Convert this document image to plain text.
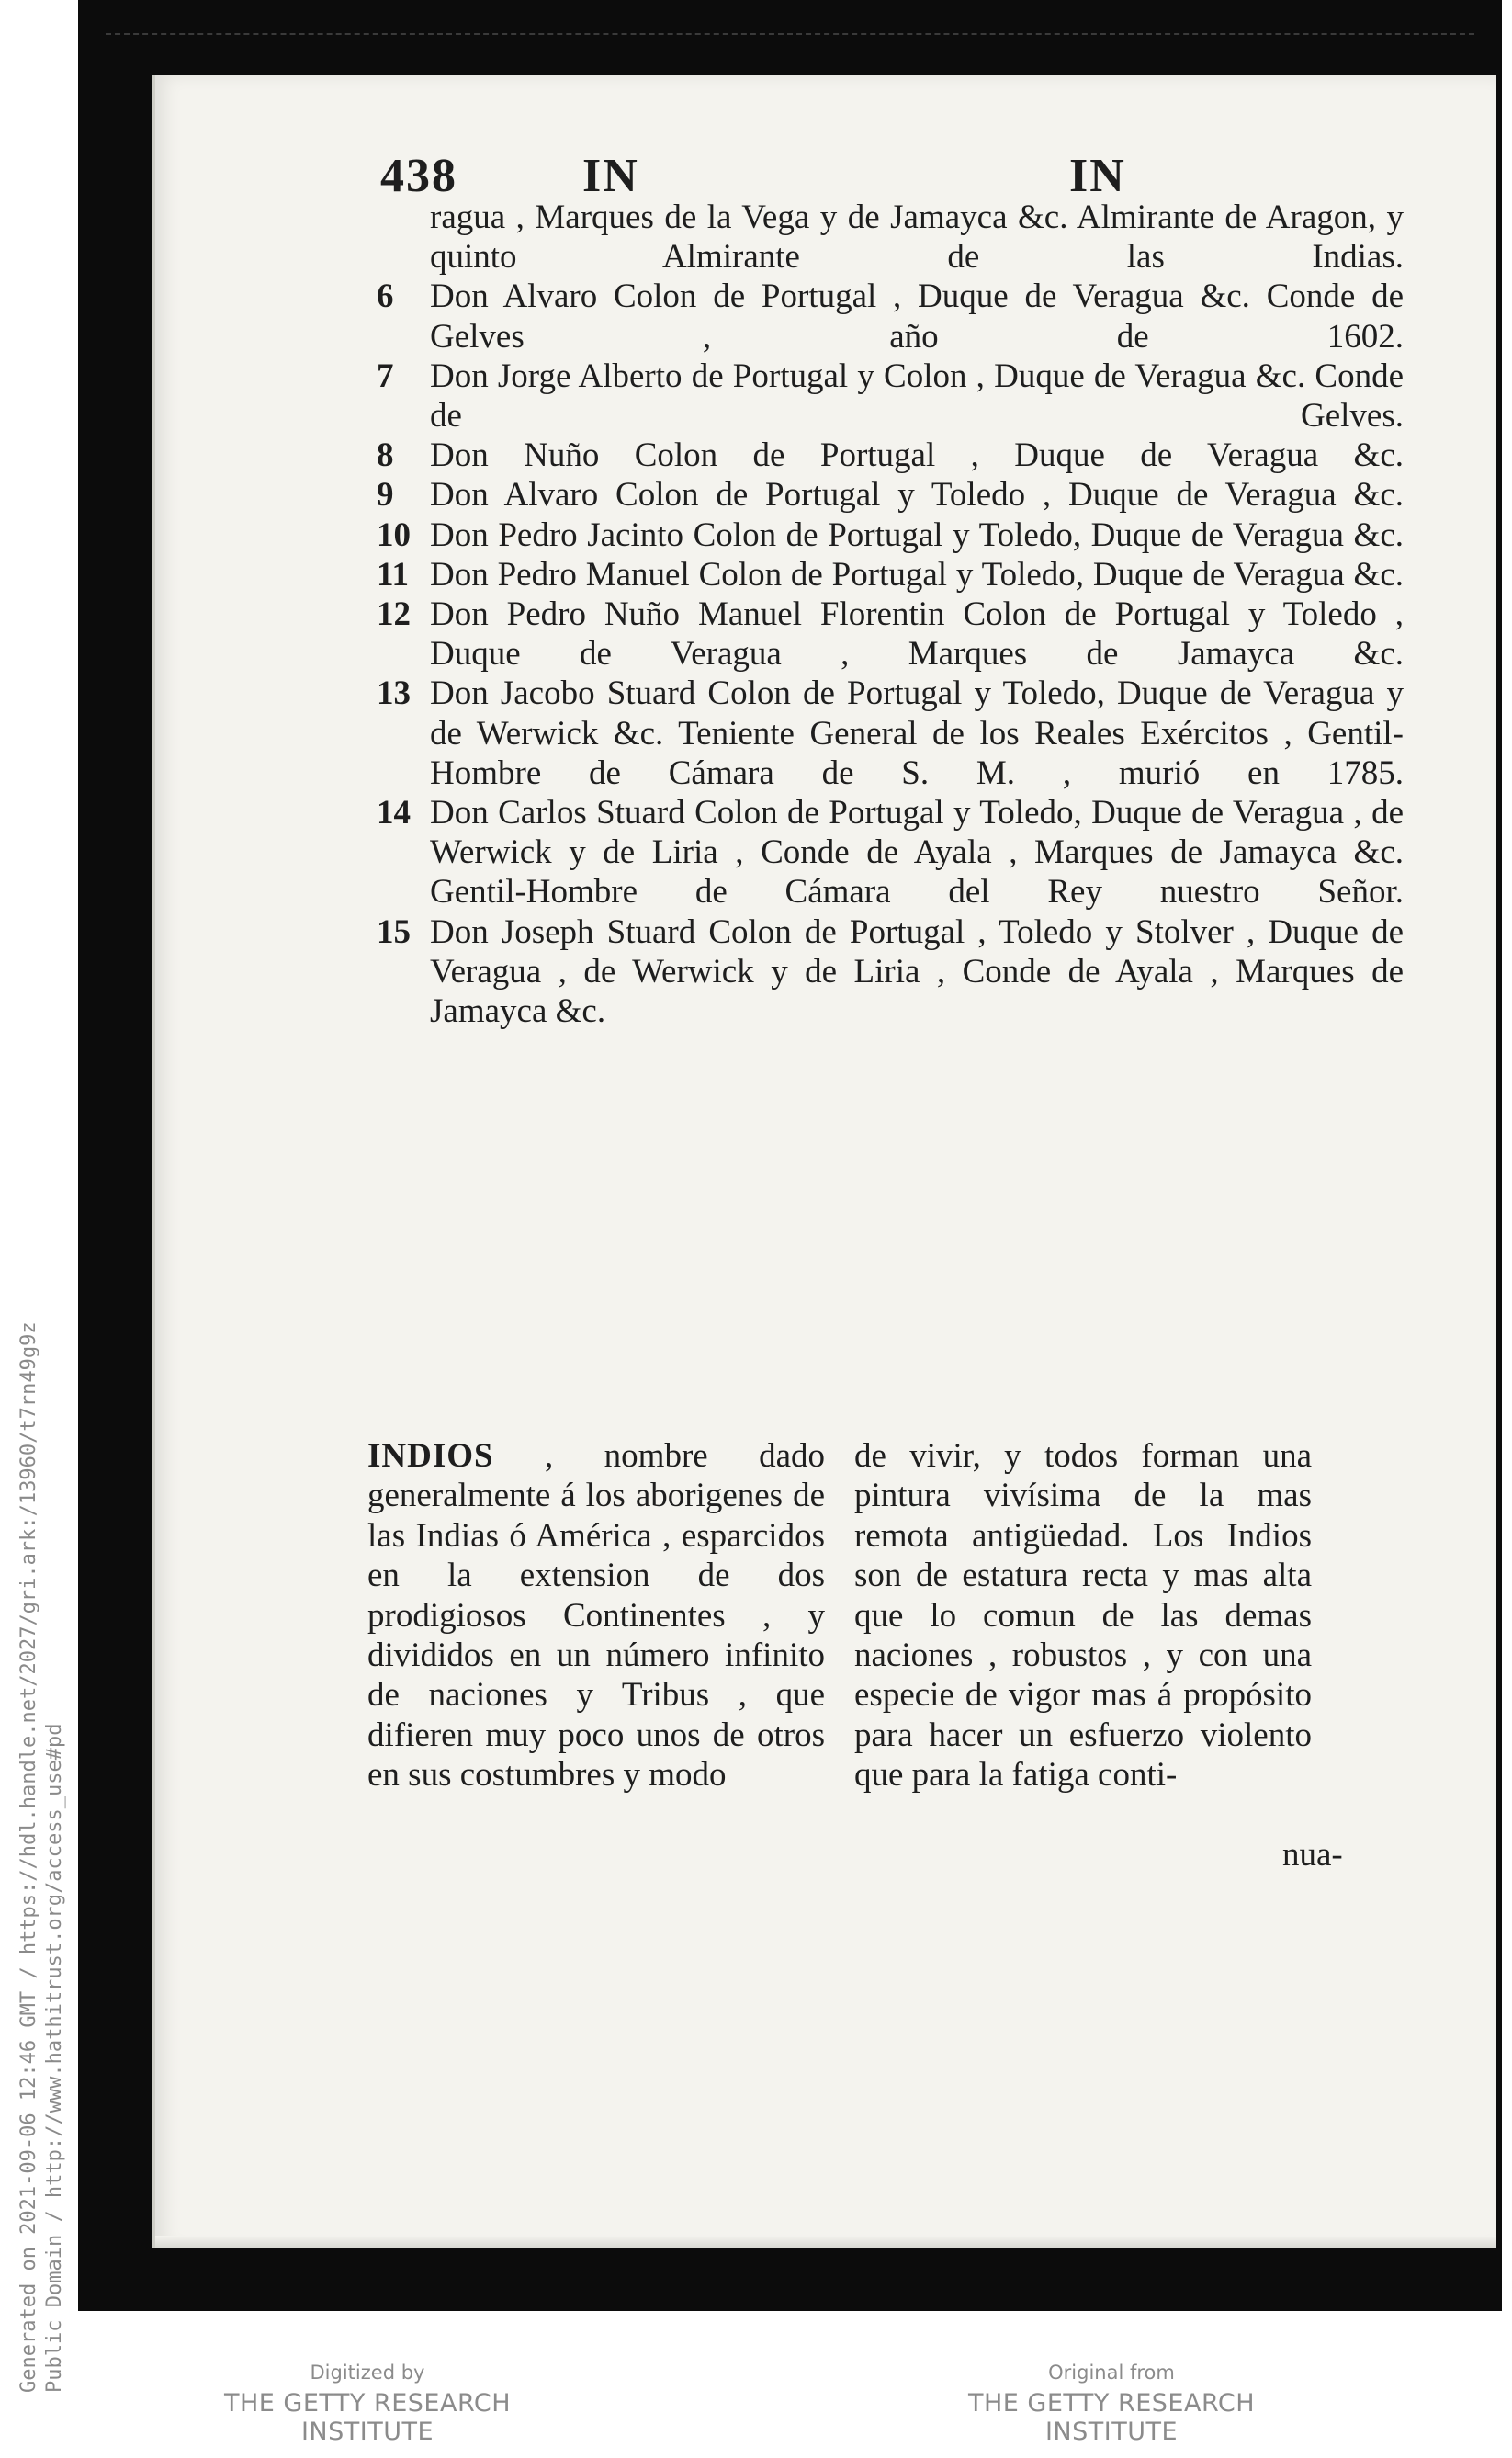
438	IN	IN
ragua , Marques de la Vega y de Jamayca &c. Almirante de Aragon, y quinto Almirante de las Indias.
6 Don Alvaro Colon de Portugal , Duque de Veragua &c. Conde de Gelves , año de 1602.
7 Don Jorge Alberto de Portugal y Colon , Duque de Veragua &c. Conde de Gelves.
8 Don Nuño Colon de Portugal , Duque de Veragua &c.
9 Don Alvaro Colon de Portugal y Toledo , Duque de Veragua &c.
10 Don Pedro Jacinto Colon de Portugal y Toledo, Duque de Veragua &c.
11 Don Pedro Manuel Colon de Portugal y Toledo, Duque de Veragua &c.
12 Don Pedro Nuño Manuel Florentin Colon de Portugal y Toledo , Duque de Veragua , Marques de Jamayca &c.
13 Don Jacobo Stuard Colon de Portugal y Toledo, Duque de Veragua y de Werwick &c. Teniente General de los Reales Exércitos , Gentil-Hombre de Cámara de S. M. , murió en 1785.
14 Don Carlos Stuard Colon de Portugal y Toledo, Duque de Veragua , de Werwick y de Liria , Conde de Ayala , Marques de Jamayca &c. Gentil-Hombre de Cámara del Rey nuestro Señor.
15 Don Joseph Stuard Colon de Portugal , Toledo y Stolver , Duque de Veragua , de Werwick y de Liria , Conde de Ayala , Marques de Jamayca &c.
INDIOS , nombre dado generalmente á los aborigenes de las Indias ó América , esparcidos en la extension de dos prodigiosos Continentes , y divididos en un número infinito de naciones y Tribus , que difieren muy poco unos de otros en sus costumbres y modo
de vivir, y todos forman una pintura vivísima de la mas remota antigüedad. Los Indios son de estatura recta y mas alta que lo comun de las demas naciones , robustos , y con una especie de vigor mas á propósito para hacer un esfuerzo violento que para la fatiga conti-
nua-
Generated on 2021-09-06 12:46 GMT / https://hdl.handle.net/2027/gri.ark:/13960/t7rn49g9z Public Domain / http://www.hathitrust.org/access_use#pd	Digitized by
THE GETTY RESEARCH INSTITUTE
Original from
THE GETTY RESEARCH INSTITUTE
